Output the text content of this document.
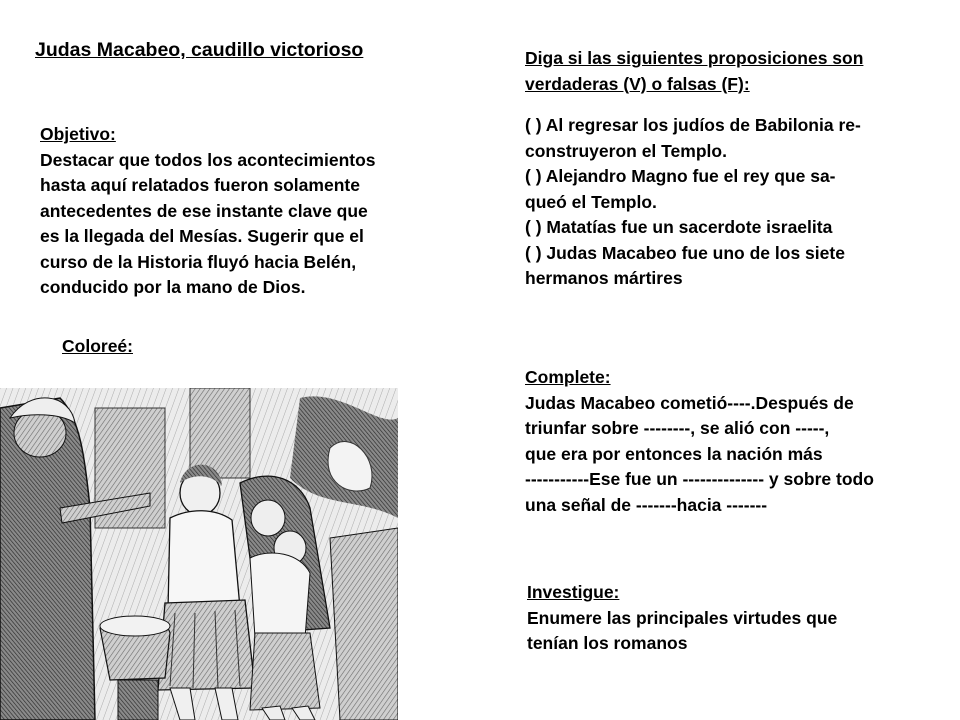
Judas Macabeo, caudillo victorioso
Objetivo:
Destacar que todos los acontecimientos
hasta aquí relatados fueron solamente
antecedentes de ese instante clave que
es la llegada del Mesías. Sugerir que el
curso de la Historia fluyó hacia Belén,
conducido por la mano de Dios.
Coloreé:
Diga si las siguientes proposiciones son
verdaderas (V) o falsas (F):
( ) Al regresar los judíos de Babilonia re-
construyeron el Templo.
( ) Alejandro Magno fue el rey que sa-
queó el Templo.
( ) Matatías fue un sacerdote israelita
( ) Judas Macabeo fue uno de los siete
hermanos mártires
Complete:
Judas Macabeo cometió----.Después de
triunfar sobre --------, se alió con -----,
que era por entonces la nación más
-----------Ese fue un -------------- y sobre todo
una señal de -------hacia -------
Investigue:
Enumere las principales virtudes que
tenían los romanos
